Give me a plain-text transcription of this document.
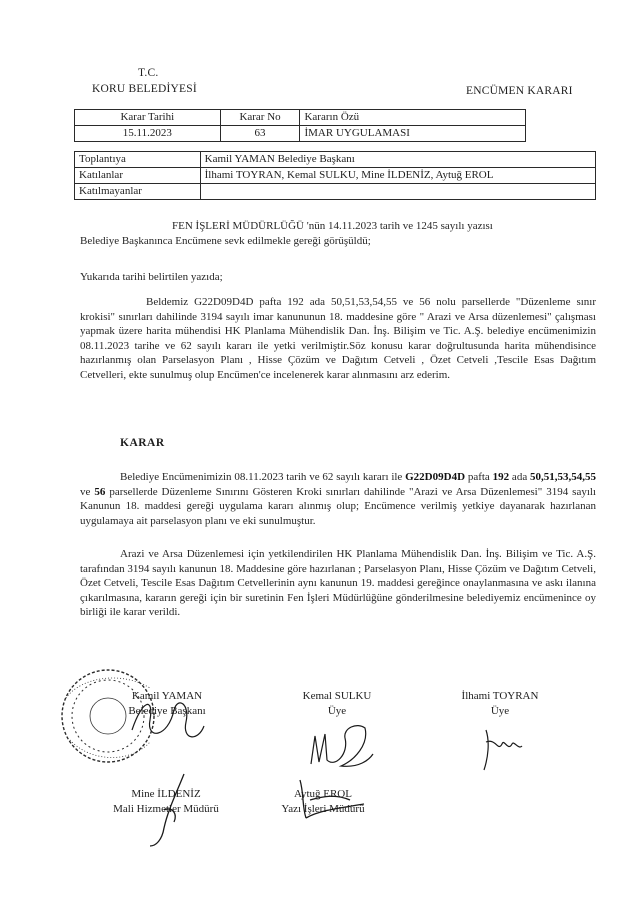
T.C.
KORU BELEDİYESİ	ENCÜMEN KARARI
Karar Tarihi	Karar No	Kararın Özü
15.11.2023	63	İMAR UYGULAMASI
Toplantıya	Kamil YAMAN Belediye Başkanı
Katılanlar	İlhami TOYRAN, Kemal SULKU, Mine İLDENİZ, Aytuğ EROL
Katılmayanlar	

FEN İŞLERİ MÜDÜRLÜĞÜ 'nün 14.11.2023 tarih ve 1245 sayılı yazısı

Belediye Başkanınca Encümene sevk edilmekle gereği görüşüldü;

Yukarıda tarihi belirtilen yazıda;

Beldemiz G22D09D4D pafta 192 ada 50,51,53,54,55 ve 56 nolu parsellerde "Düzenleme sınır krokisi" sınırları dahilinde 3194 sayılı imar kanununun 18. maddesine göre " Arazi ve Arsa düzenlemesi" çalışması yapmak üzere harita mühendisi HK Planlama Mühendislik Dan. İnş. Bilişim ve Tic. A.Ş. belediye encümenimizin 08.11.2023 tarihe ve 62 sayılı kararı ile yetki verilmiştir.Söz konusu karar doğrultusunda harita mühendisince hazırlanmış olan Parselasyon Planı , Hisse Çözüm ve Dağıtım Cetveli , Özet Cetveli ,Tescile Esas Dağıtım Cetvelleri, ekte sunulmuş olup Encümen'ce incelenerek karar alınmasını arz ederim.

KARAR

Belediye Encümenimizin 08.11.2023 tarih ve 62 sayılı kararı ile G22D09D4D pafta 192 ada 50,51,53,54,55 ve 56 parsellerde Düzenleme Sınırını Gösteren Kroki sınırları dahilinde "Arazi ve Arsa Düzenlemesi" 3194 sayılı Kanunun 18. maddesi gereği uygulama kararı alınmış olup; Encümence verilmiş yetkiye dayanarak hazırlanan uygulamaya ait parselasyon planı ve eki sunulmuştur.

Arazi ve Arsa Düzenlemesi için yetkilendirilen HK Planlama Mühendislik Dan. İnş. Bilişim ve Tic. A.Ş. tarafından 3194 sayılı kanunun 18. Maddesine göre hazırlanan ; Parselasyon Planı, Hisse Çözüm ve Dağıtım Cetveli, Özet Cetveli, Tescile Esas Dağıtım Cetvellerinin aynı kanunun 19. maddesi gereğince onaylanmasına ve askı ilanına çıkarılmasına, kararın gereği için bir suretinin Fen İşleri Müdürlüğüne gönderilmesine belediyemiz encümenince oy birliği ile karar verildi.

Kamil YAMAN
Belediye Başkanı
Kemal SULKU
Üye
İlhami TOYRAN
Üye
Mine İLDENİZ
Mali Hizmetler Müdürü
Aytuğ EROL
Yazı İşleri Müdürü
